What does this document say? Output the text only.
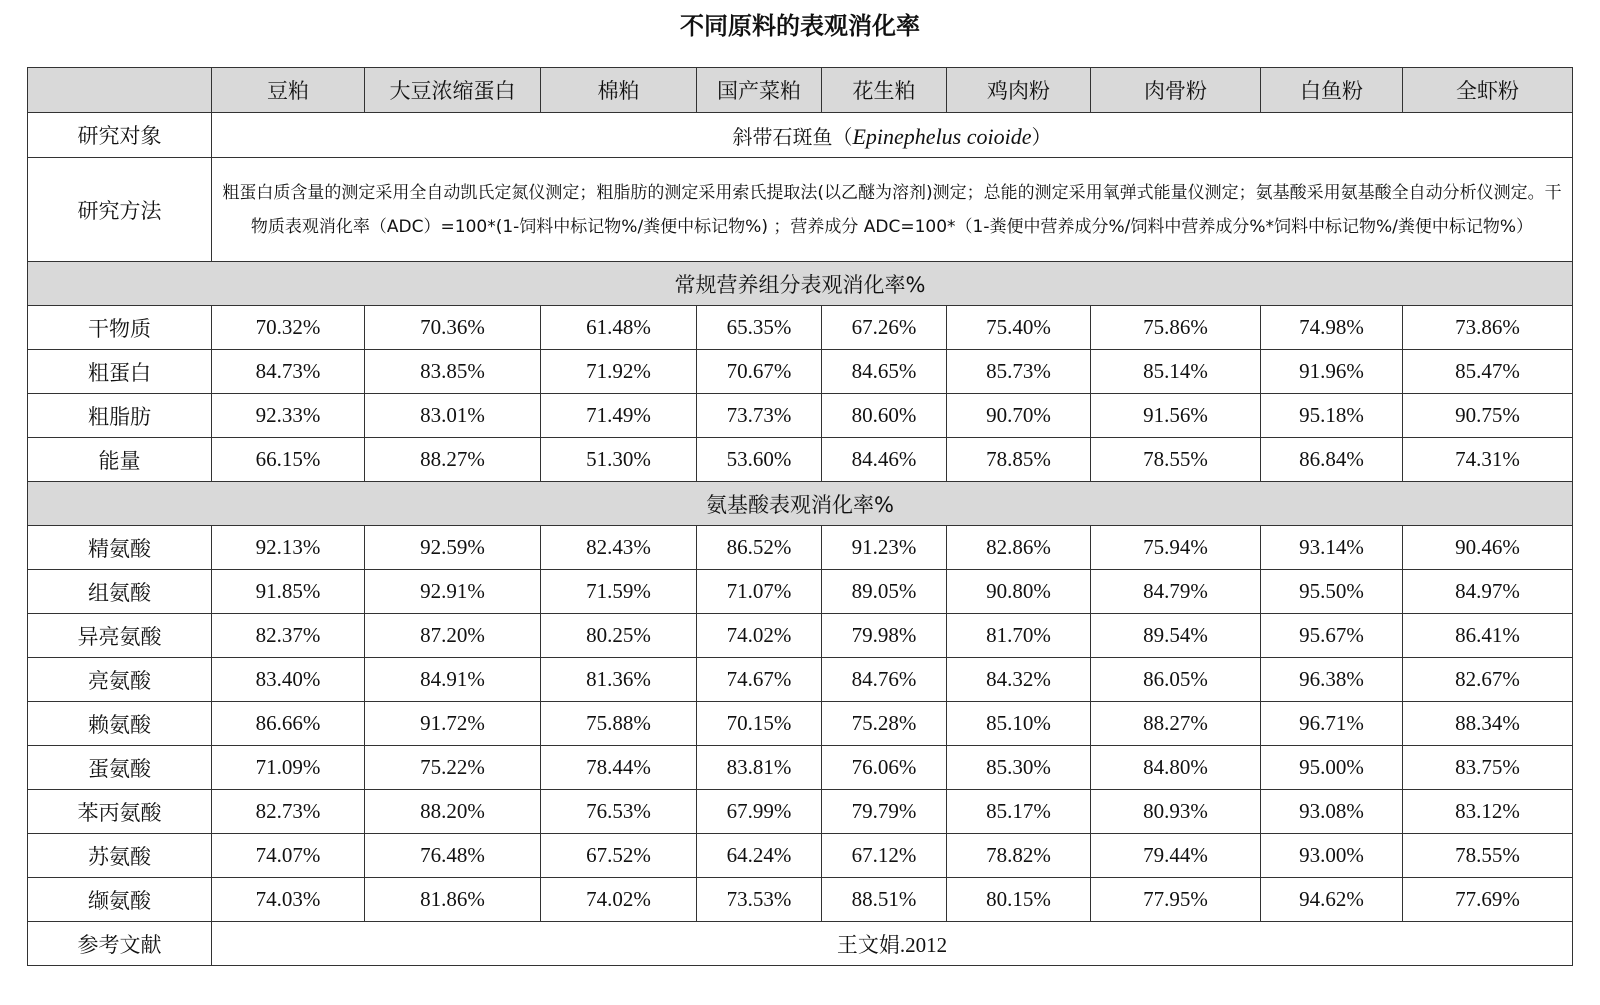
不同原料的表观消化率
	豆粕	大豆浓缩蛋白	棉粕	国产菜粕	花生粕	鸡肉粉	肉骨粉	白鱼粉	全虾粉
研究对象	斜带石斑鱼（Epinephelus coioide）								
研究方法	粗蛋白质含量的测定采用全自动凯氏定氮仪测定；粗脂肪的测定采用索氏提取法(以乙醚为溶剂)测定；总能的测定采用氧弹式能量仪测定；氨基酸采用氨基酸全自动分析仪测定。干物质表观消化率（ADC）=100*(1-饲料中标记物%/粪便中标记物%) ；营养成分 ADC=100*（1-粪便中营养成分%/饲料中营养成分%*饲料中标记物%/粪便中标记物%）								
常规营养组分表观消化率%									
干物质	70.32%	70.36%	61.48%	65.35%	67.26%	75.40%	75.86%	74.98%	73.86%
粗蛋白	84.73%	83.85%	71.92%	70.67%	84.65%	85.73%	85.14%	91.96%	85.47%
粗脂肪	92.33%	83.01%	71.49%	73.73%	80.60%	90.70%	91.56%	95.18%	90.75%
能量	66.15%	88.27%	51.30%	53.60%	84.46%	78.85%	78.55%	86.84%	74.31%
氨基酸表观消化率%									
精氨酸	92.13%	92.59%	82.43%	86.52%	91.23%	82.86%	75.94%	93.14%	90.46%
组氨酸	91.85%	92.91%	71.59%	71.07%	89.05%	90.80%	84.79%	95.50%	84.97%
异亮氨酸	82.37%	87.20%	80.25%	74.02%	79.98%	81.70%	89.54%	95.67%	86.41%
亮氨酸	83.40%	84.91%	81.36%	74.67%	84.76%	84.32%	86.05%	96.38%	82.67%
赖氨酸	86.66%	91.72%	75.88%	70.15%	75.28%	85.10%	88.27%	96.71%	88.34%
蛋氨酸	71.09%	75.22%	78.44%	83.81%	76.06%	85.30%	84.80%	95.00%	83.75%
苯丙氨酸	82.73%	88.20%	76.53%	67.99%	79.79%	85.17%	80.93%	93.08%	83.12%
苏氨酸	74.07%	76.48%	67.52%	64.24%	67.12%	78.82%	79.44%	93.00%	78.55%
缬氨酸	74.03%	81.86%	74.02%	73.53%	88.51%	80.15%	77.95%	94.62%	77.69%
参考文献	王文娟.2012								
